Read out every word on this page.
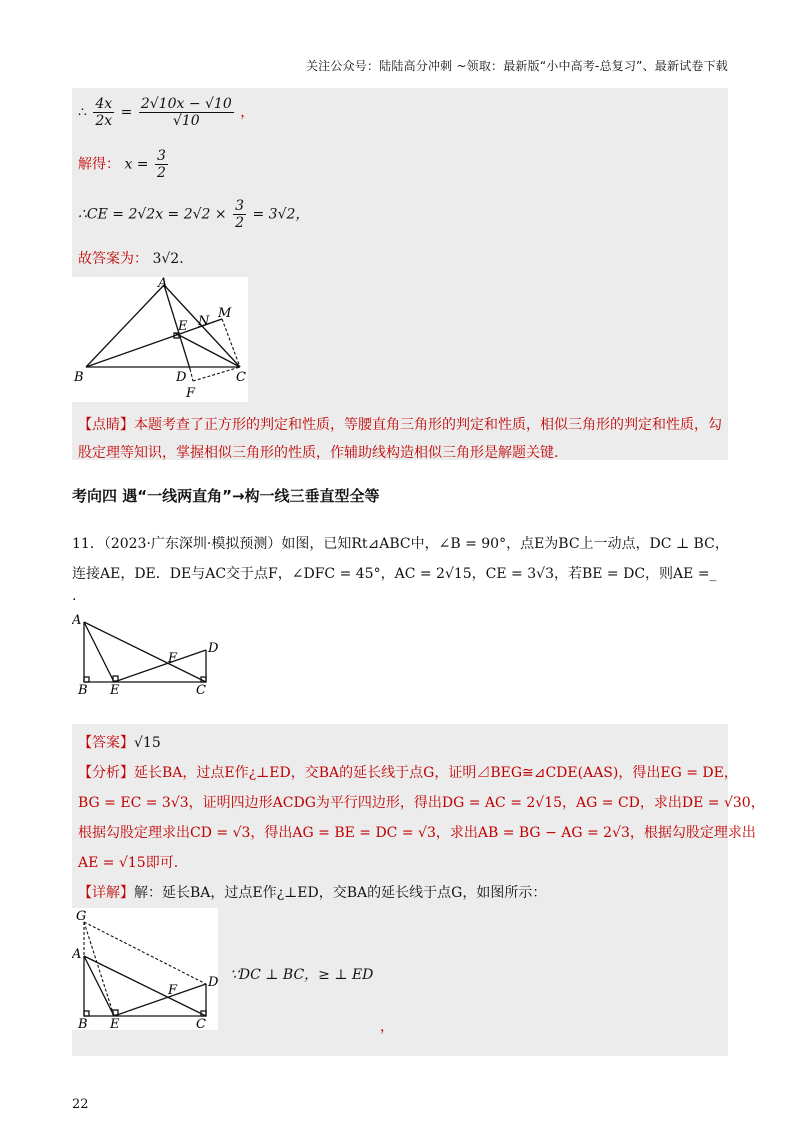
关注公众号：陆陆高分冲刺 ~领取：最新版“小中高考-总复习”、最新试卷下载
∴ $\frac{4x}{2x} = \frac{2√10x - √10}{√10}$ ，
解得： $x = \frac{3}{2}$
∴CE = $2√2x = 2√2 \times \frac{3}{2} = 3√2$，
故答案为： 3√2.
A
B	C
D
E
F
M
N
【点睛】本题考查了正方形的判定和性质，等腰直角三角形的判定和性质，相似三角形的判定和性质，勾
股定理等知识，掌握相似三角形的性质，作辅助线构造相似三角形是解题关键.
考向四 遇“一线两直角”→构一线三垂直型全等
11．（2023·广东深圳·模拟预测）如图，已知Rt⊿ABC中，∠B = 90°，点E为BC上一动点，DC ⊥ BC，
连接AE，DE．DE与AC交于点F，∠DFC = 45°，AC = 2√15，CE = 3√3，若BE = DC，则AE =_
.
A
B	C
D
E
F
【答案】√15
【分析】延长BA，过点E作¿⊥ED，交BA的延长线于点G，证明⊿BEG≅⊿CDE(AAS)，得出EG = DE，
BG = EC = 3√3，证明四边形ACDG为平行四边形，得出DG = AC = 2√15，AG = CD，求出DE = √30，
根据勾股定理求出CD = √3，得出AG = BE = DC = √3，求出AB = BG − AG = 2√3，根据勾股定理求出
AE = √15即可.
【详解】解：延长BA，过点E作¿⊥ED，交BA的延长线于点G，如图所示：
G
A
B	C
D
E
F
∵DC ⊥ BC，≥ ⊥ ED
，
22
